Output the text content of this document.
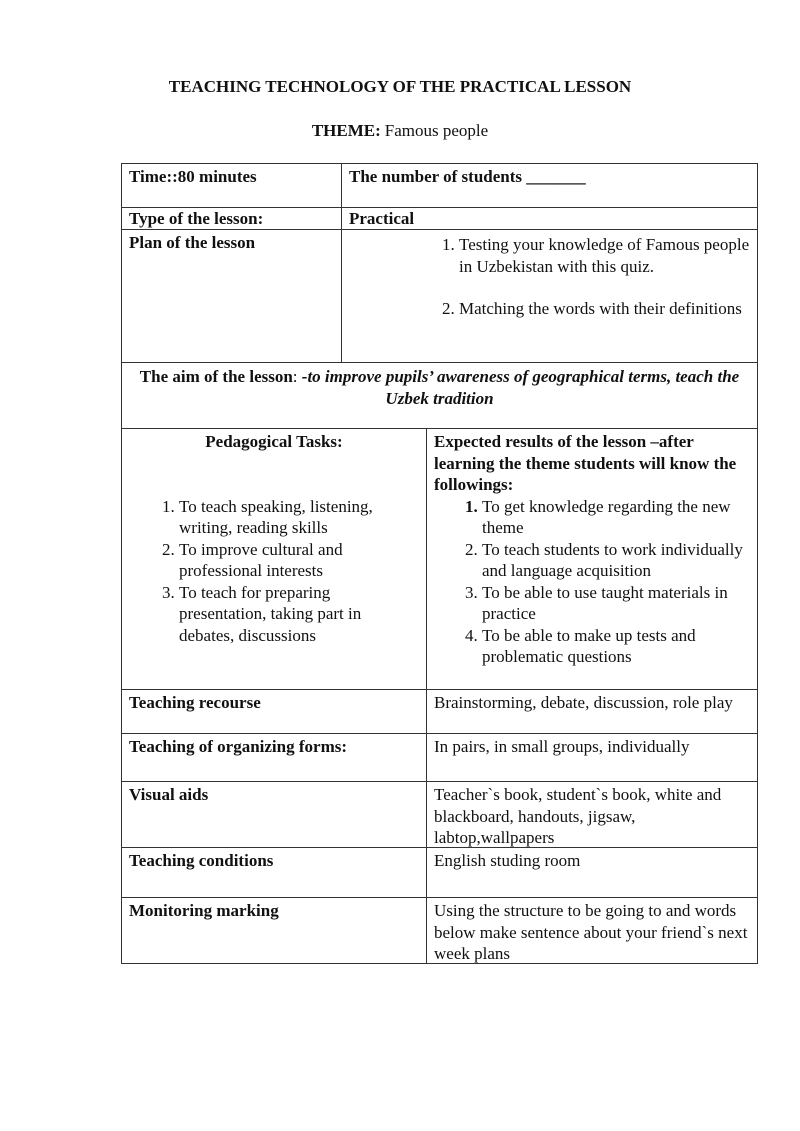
TEACHING TECHNOLOGY OF THE PRACTICAL LESSON
THEME: Famous people
Time::80 minutes	The number of students _______
Type of the lesson:	Practical
Plan of the lesson
1.	Testing your knowledge of Famous people in Uzbekistan with this quiz.
2. Matching the words with their definitions
The aim of the lesson: -to improve pupils’ awareness of geographical terms, teach the Uzbek tradition
Pedagogical Tasks:
1. To teach speaking, listening, writing, reading skills
2. To improve cultural and professional interests
3. To teach for preparing presentation, taking part in debates, discussions
Expected results of the lesson –after learning the theme students will know the followings:
1. To get knowledge regarding the new theme
2. To teach students to work individually and language acquisition
3. To be able to use taught materials in practice
4. To be able to make up tests and problematic questions
Teaching recourse	Brainstorming, debate, discussion, role play
Teaching of organizing forms:	In pairs, in small groups, individually
Visual aids	Teacher`s book, student`s book, white and blackboard, handouts, jigsaw, labtop,wallpapers
Teaching conditions	English studing room
Monitoring marking	Using the structure to be going to and words below make sentence about your friend`s next week plans
